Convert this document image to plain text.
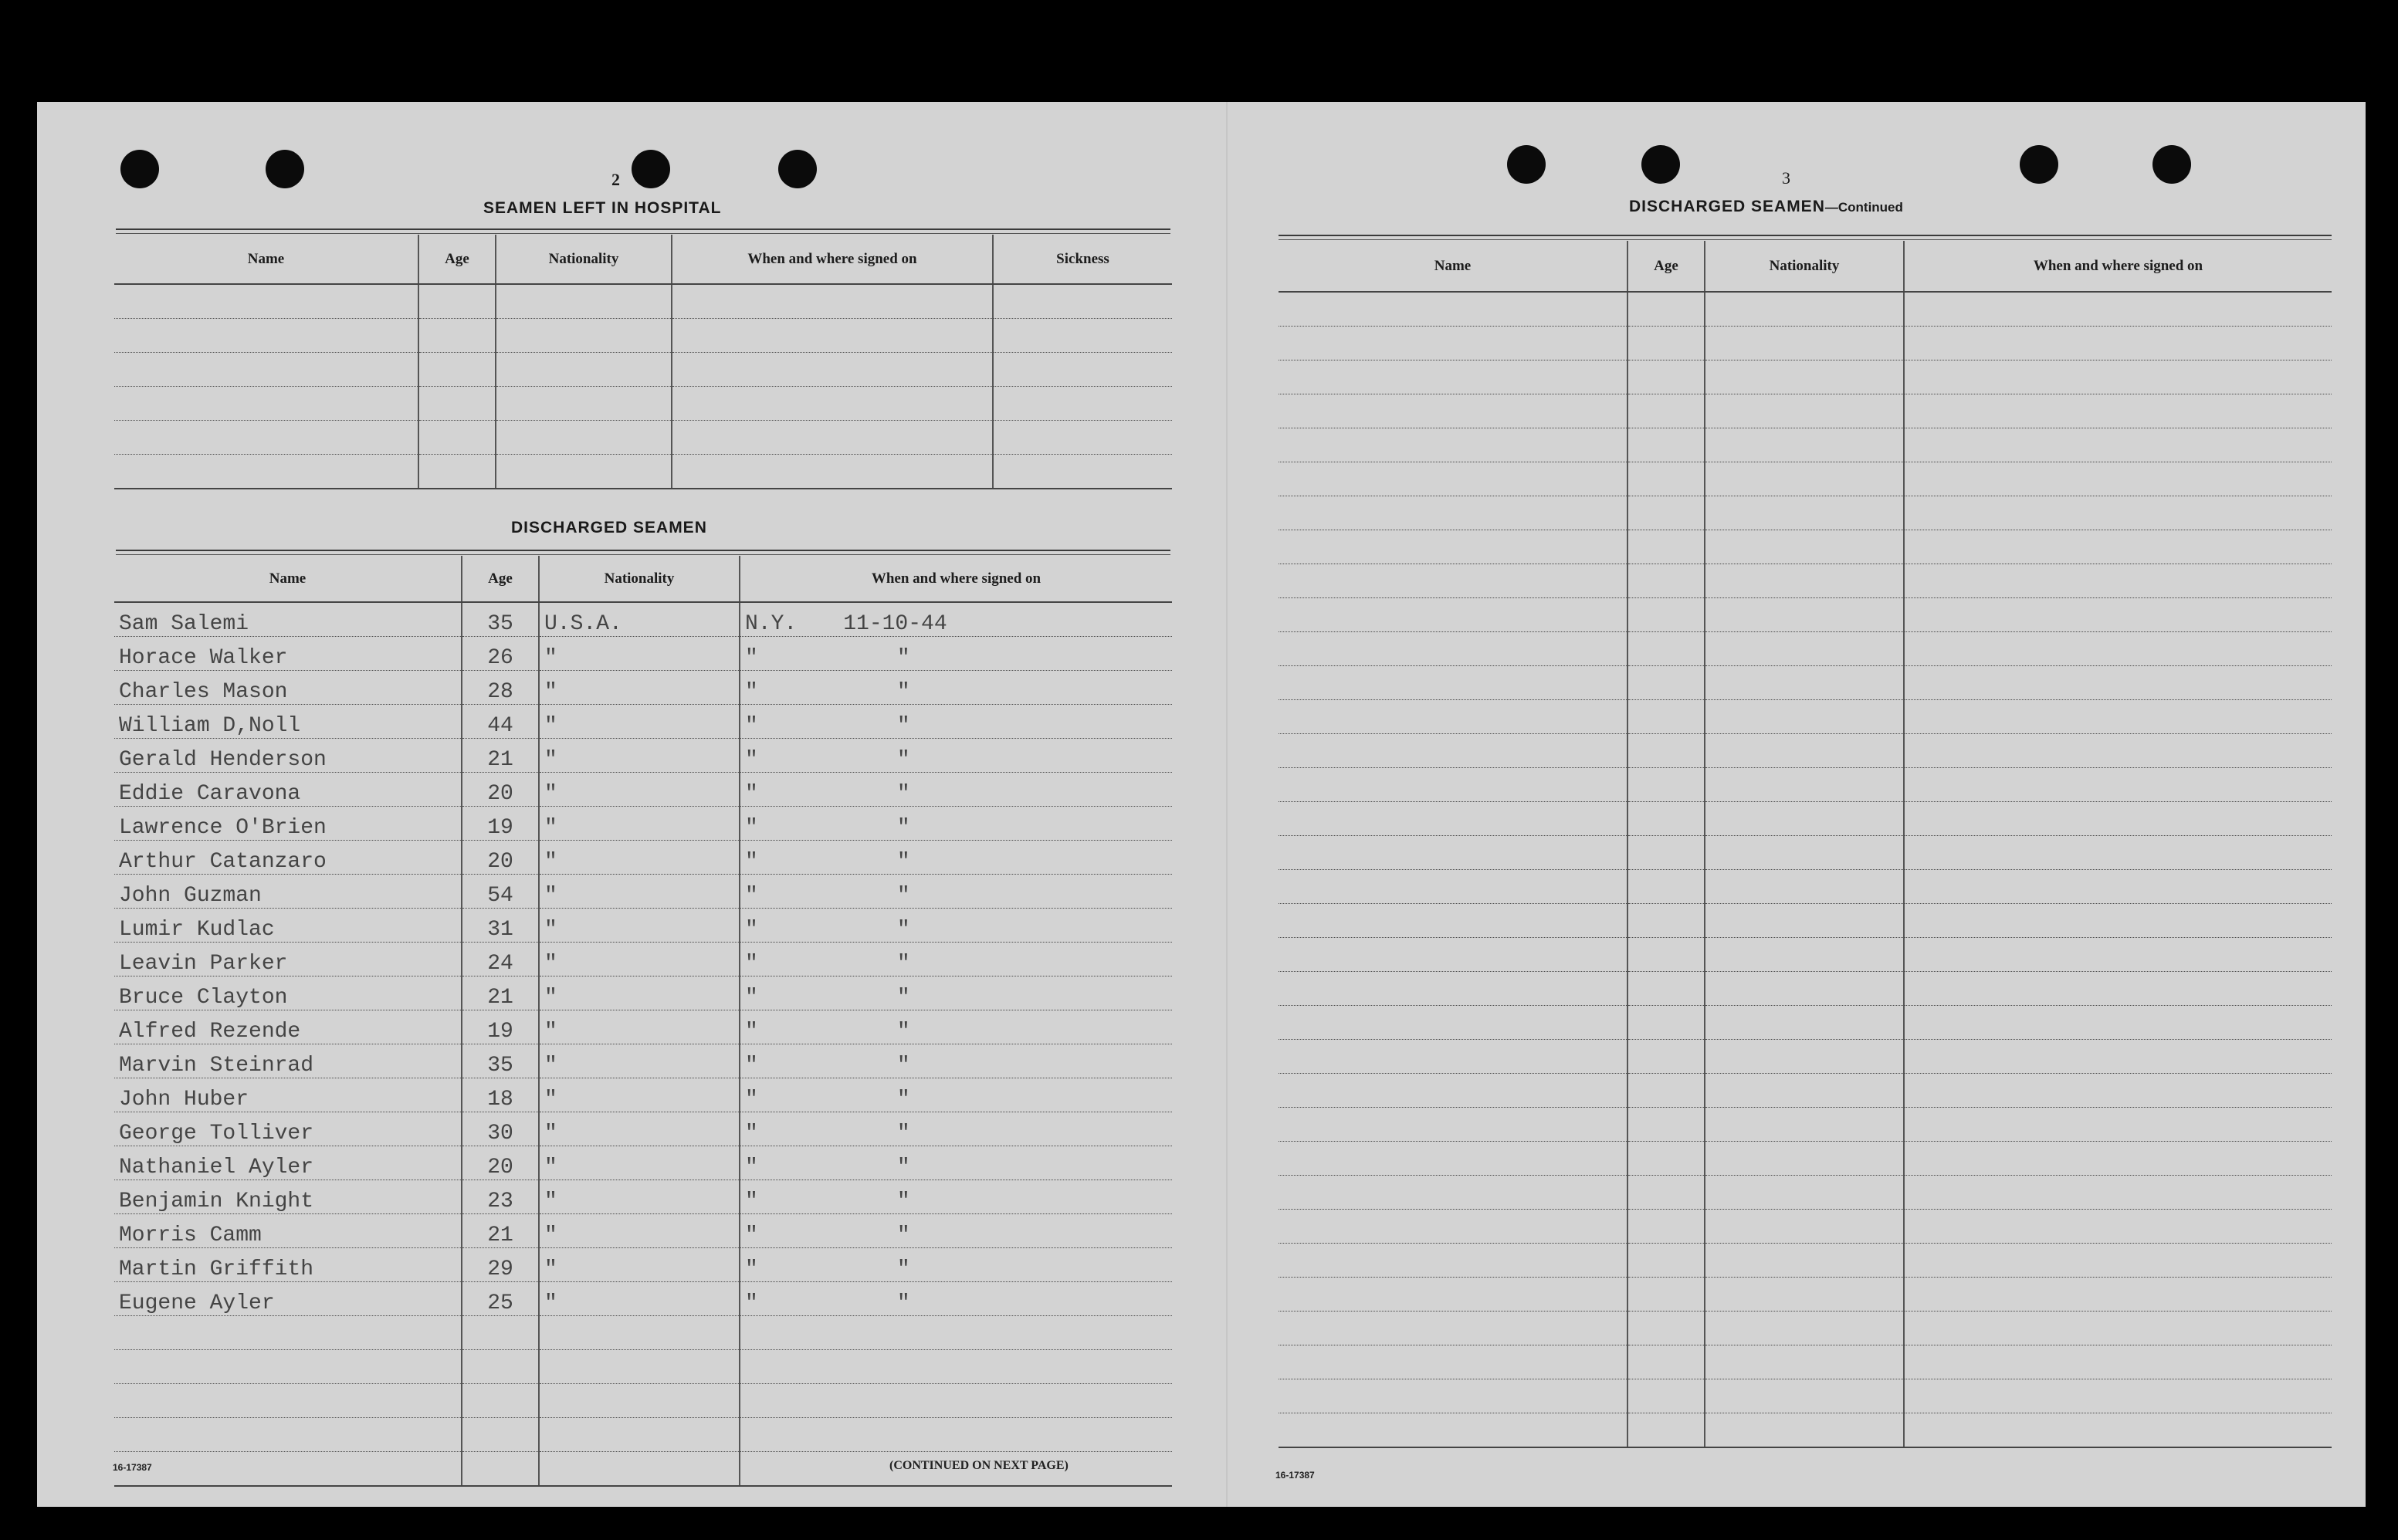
2
SEAMEN LEFT IN HOSPITAL
Name	Age	Nationality	When and where signed on	Sickness

DISCHARGED SEAMEN
Name	Age	Nationality	When and where signed on
Sam Salemi	35	U.S.A.	N.Y. 11-10-44
Horace Walker	26	"	" "
Charles Mason	28	"	" "
William D,Noll	44	"	" "
Gerald Henderson	21	"	" "
Eddie Caravona	20	"	" "
Lawrence O'Brien	19	"	" "
Arthur Catanzaro	20	"	" "
John Guzman	54	"	" "
Lumir Kudlac	31	"	" "
Leavin Parker	24	"	" "
Bruce Clayton	21	"	" "
Alfred Rezende	19	"	" "
Marvin Steinrad	35	"	" "
John Huber	18	"	" "
George Tolliver	30	"	" "
Nathaniel Ayler	20	"	" "
Benjamin Knight	23	"	" "
Morris Camm	21	"	" "
Martin Griffith	29	"	" "
Eugene Ayler	25	"	" "

16-17387	(CONTINUED ON NEXT PAGE)
3
DISCHARGED SEAMEN—Continued
Name	Age	Nationality	When and where signed on

16-17387
